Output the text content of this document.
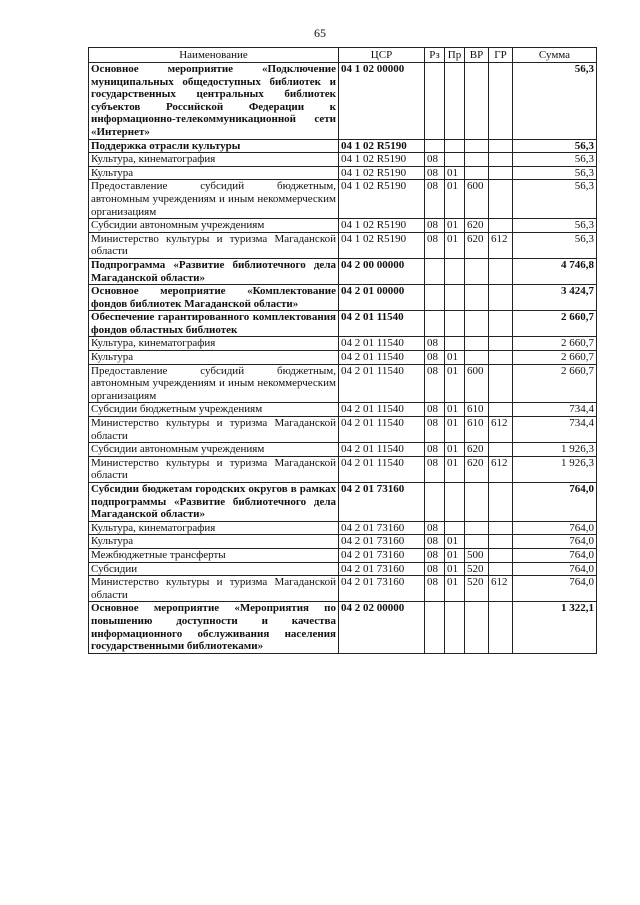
65
Наименование	ЦСР	Рз	Пр	ВР	ГР	Сумма
Основное мероприятие «Подключение муниципальных общедоступных библиотек и государственных центральных библиотек субъектов Российской Федерации к информационно-телекоммуникационной сети «Интернет»	04 1 02 00000					56,3
Поддержка отрасли культуры	04 1 02 R5190					56,3
Культура, кинематография	04 1 02 R5190	08				56,3
Культура	04 1 02 R5190	08	01			56,3
Предоставление субсидий бюджетным, автономным учреждениям и иным некоммерческим организациям	04 1 02 R5190	08	01	600		56,3
Субсидии автономным учреждениям	04 1 02 R5190	08	01	620		56,3
Министерство культуры и туризма Магаданской области	04 1 02 R5190	08	01	620	612	56,3
Подпрограмма «Развитие библиотечного дела Магаданской области»	04 2 00 00000					4 746,8
Основное мероприятие «Комплектование фондов библиотек Магаданской области»	04 2 01 00000					3 424,7
Обеспечение гарантированного комплектования фондов областных библиотек	04 2 01 11540					2 660,7
Культура, кинематография	04 2 01 11540	08				2 660,7
Культура	04 2 01 11540	08	01			2 660,7
Предоставление субсидий бюджетным, автономным учреждениям и иным некоммерческим организациям	04 2 01 11540	08	01	600		2 660,7
Субсидии бюджетным учреждениям	04 2 01 11540	08	01	610		734,4
Министерство культуры и туризма Магаданской области	04 2 01 11540	08	01	610	612	734,4
Субсидии автономным учреждениям	04 2 01 11540	08	01	620		1 926,3
Министерство культуры и туризма Магаданской области	04 2 01 11540	08	01	620	612	1 926,3
Субсидии бюджетам городских округов в рамках подпрограммы «Развитие библиотечного дела Магаданской области»	04 2 01 73160					764,0
Культура, кинематография	04 2 01 73160	08				764,0
Культура	04 2 01 73160	08	01			764,0
Межбюджетные трансферты	04 2 01 73160	08	01	500		764,0
Субсидии	04 2 01 73160	08	01	520		764,0
Министерство культуры и туризма Магаданской области	04 2 01 73160	08	01	520	612	764,0
Основное мероприятие «Мероприятия по повышению доступности и качества информационного обслуживания населения государственными библиотеками»	04 2 02 00000					1 322,1
